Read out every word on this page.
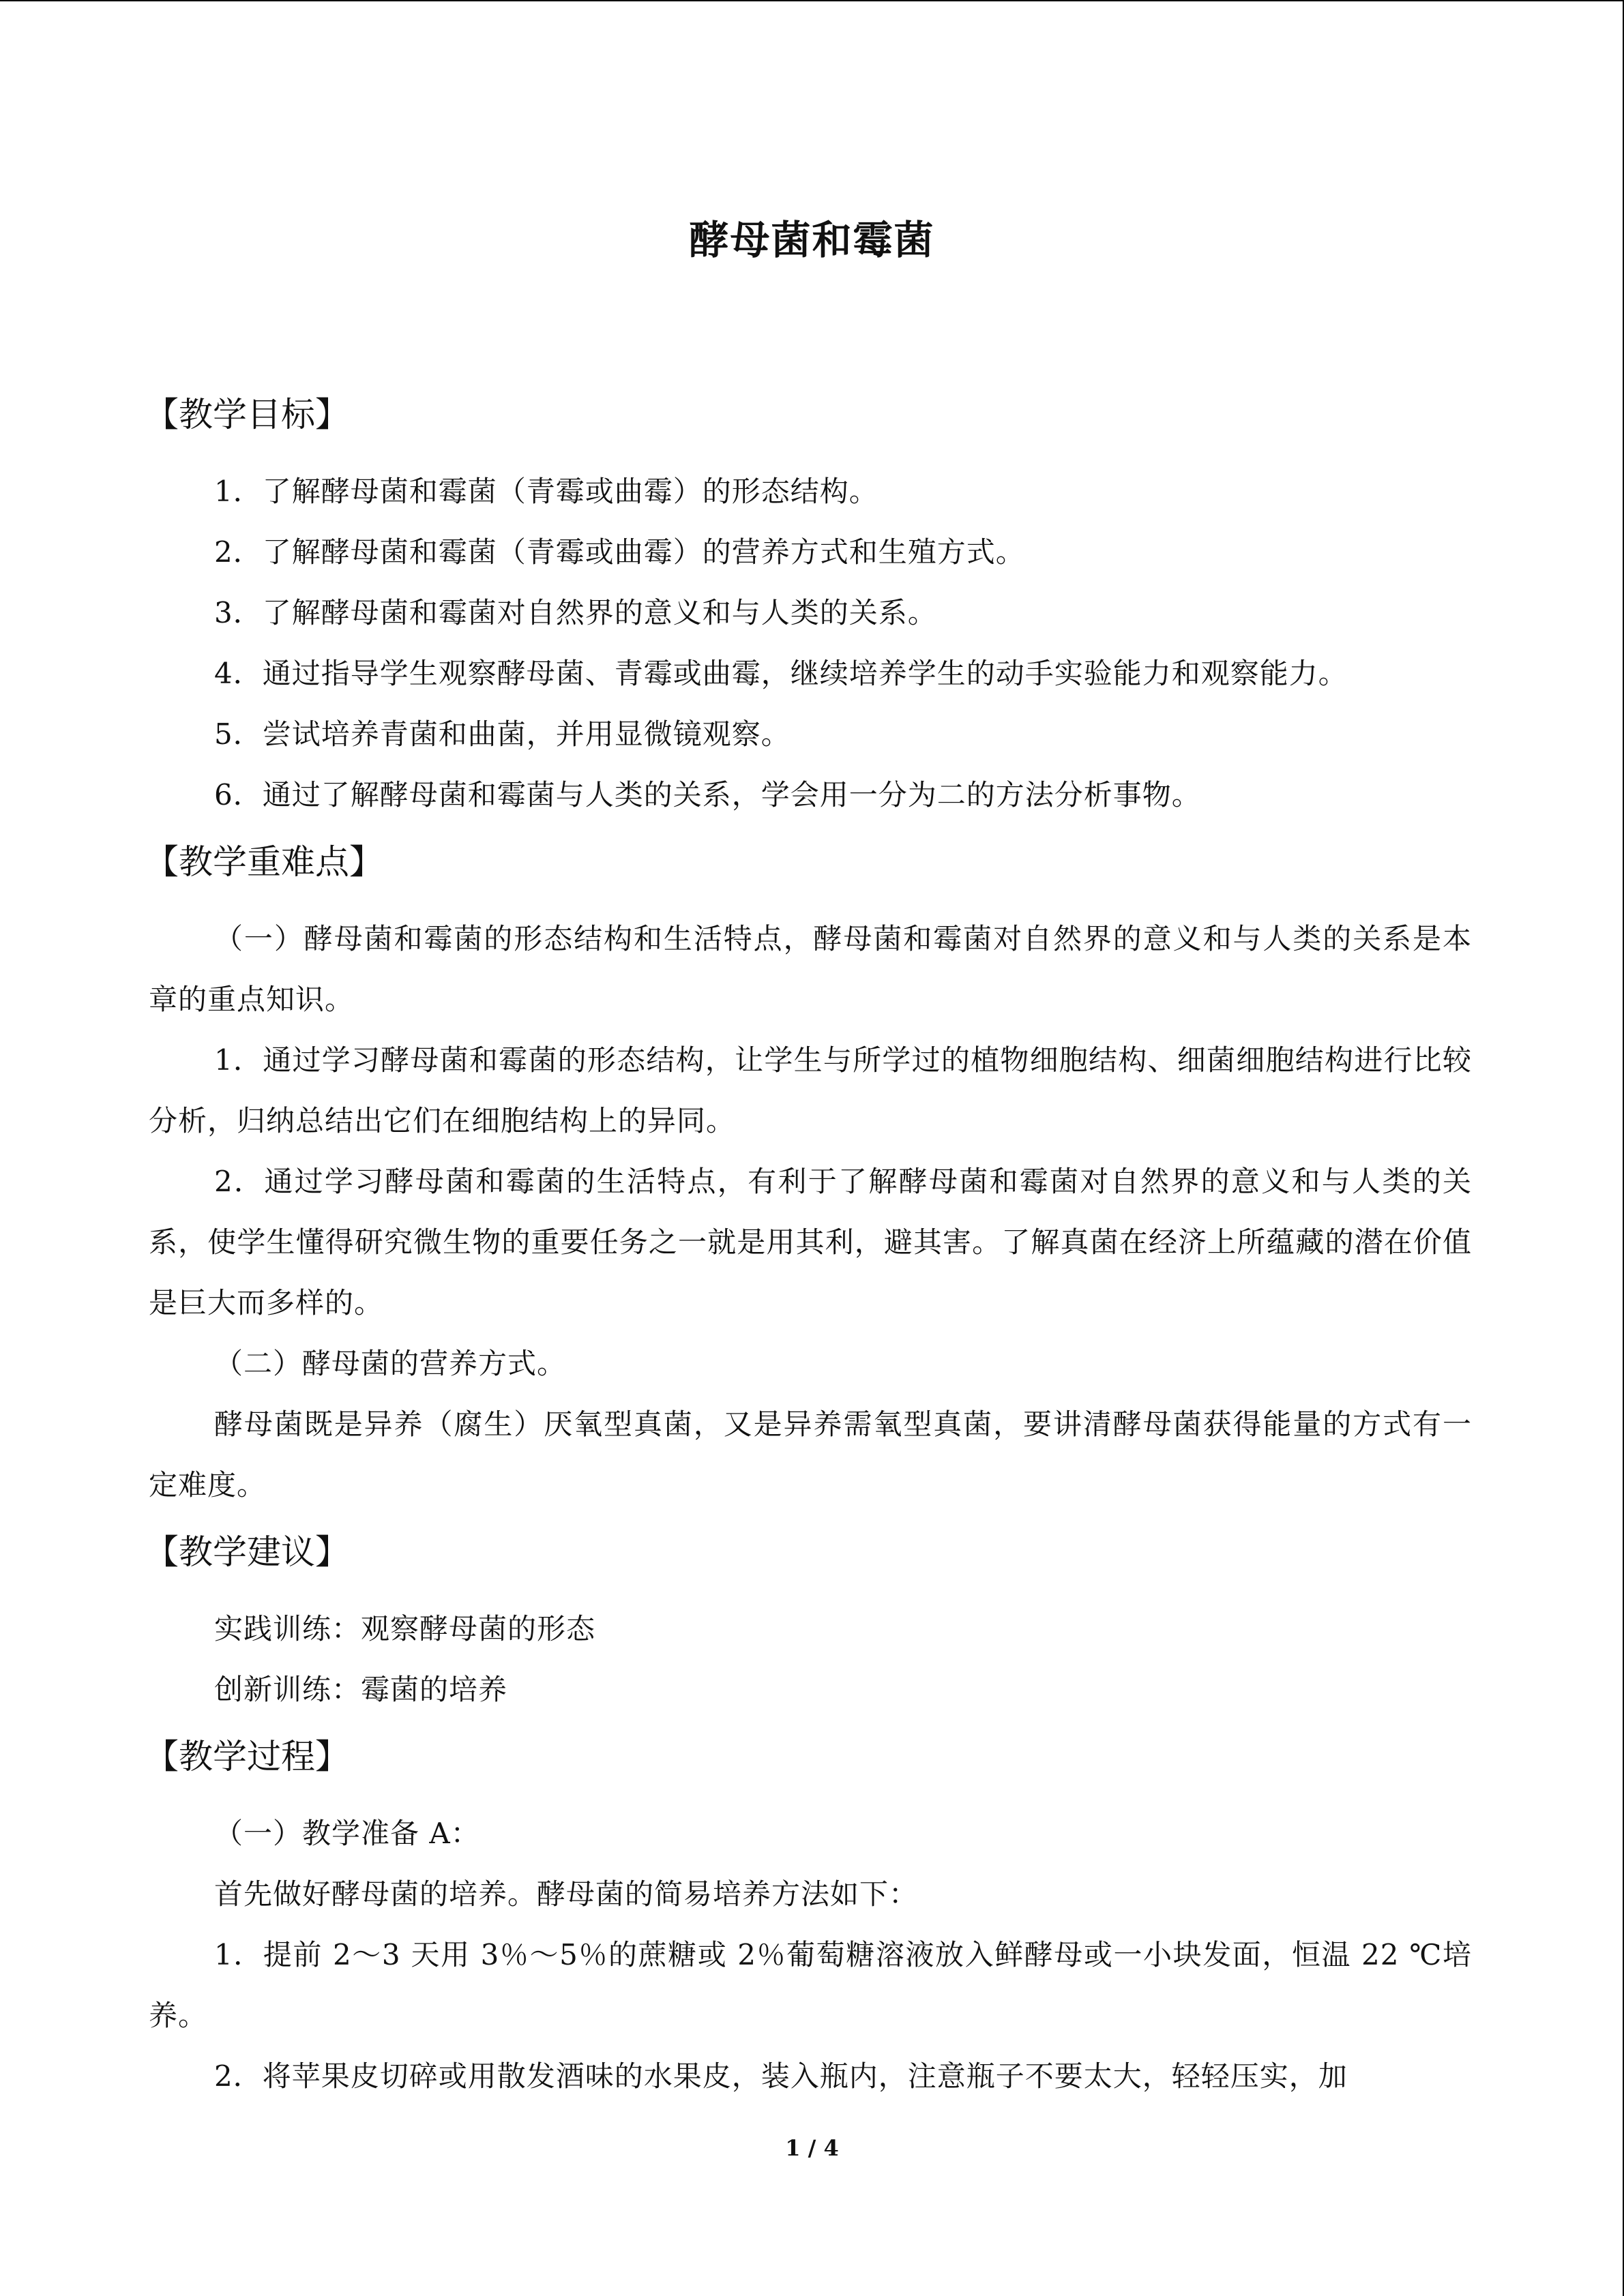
酵母菌和霉菌
【教学目标】

1．了解酵母菌和霉菌（青霉或曲霉）的形态结构。

2．了解酵母菌和霉菌（青霉或曲霉）的营养方式和生殖方式。

3．了解酵母菌和霉菌对自然界的意义和与人类的关系。

4．通过指导学生观察酵母菌、青霉或曲霉，继续培养学生的动手实验能力和观察能力。

5．尝试培养青菌和曲菌，并用显微镜观察。

6．通过了解酵母菌和霉菌与人类的关系，学会用一分为二的方法分析事物。

【教学重难点】

（一）酵母菌和霉菌的形态结构和生活特点，酵母菌和霉菌对自然界的意义和与人类的关系是本章的重点知识。

1．通过学习酵母菌和霉菌的形态结构，让学生与所学过的植物细胞结构、细菌细胞结构进行比较分析，归纳总结出它们在细胞结构上的异同。

2．通过学习酵母菌和霉菌的生活特点，有利于了解酵母菌和霉菌对自然界的意义和与人类的关系，使学生懂得研究微生物的重要任务之一就是用其利，避其害。了解真菌在经济上所蕴藏的潜在价值是巨大而多样的。

（二）酵母菌的营养方式。

酵母菌既是异养（腐生）厌氧型真菌，又是异养需氧型真菌，要讲清酵母菌获得能量的方式有一定难度。

【教学建议】

实践训练：观察酵母菌的形态

创新训练：霉菌的培养

【教学过程】

（一）教学准备 A：

首先做好酵母菌的培养。酵母菌的简易培养方法如下：

1．提前 2～3 天用 3％～5％的蔗糖或 2％葡萄糖溶液放入鲜酵母或一小块发面，恒温 22 ℃培养。

2．将苹果皮切碎或用散发酒味的水果皮，装入瓶内，注意瓶子不要太大，轻轻压实，加

1 / 4
